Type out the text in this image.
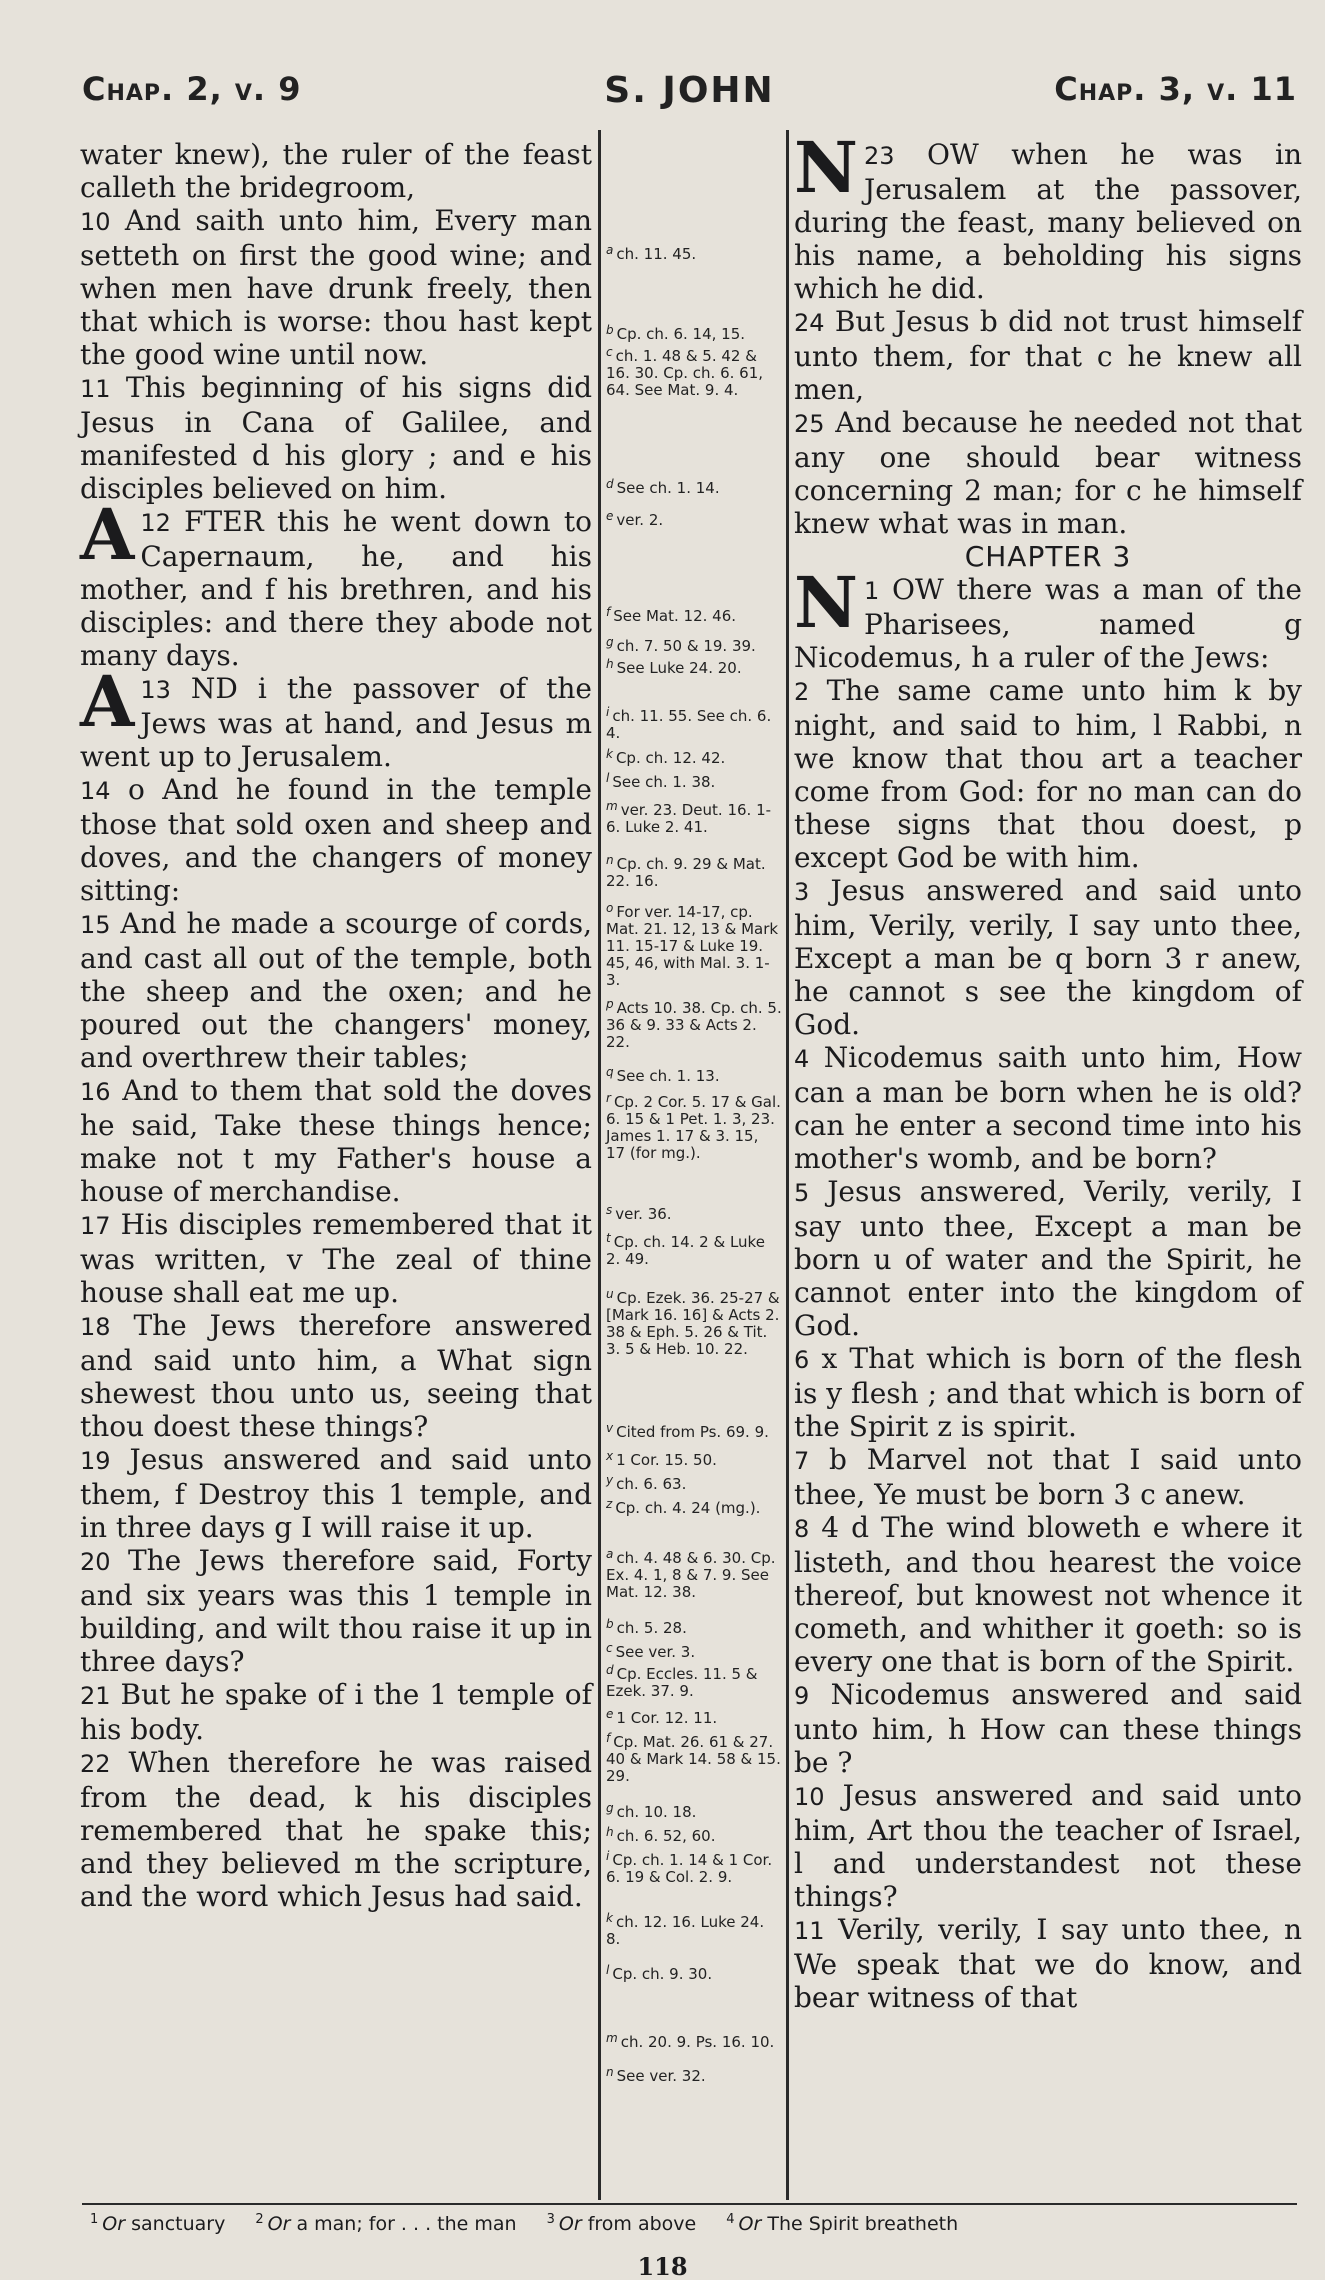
Chap. 2, v. 9	S. JOHN	Chap. 3, v. 11

water knew), the ruler of the feast calleth the bridegroom,

10 And saith unto him, Every man setteth on first the good wine; and when men have drunk freely, then that which is worse: thou hast kept the good wine until now.

11 This beginning of his signs did Jesus in Cana of Galilee, and manifested d his glory ; and e his disciples believed on him.

12
A FTER this he went down to Capernaum, he, and his mother, and f his brethren, and his disciples: and there they abode not many days.

13
A ND i the passover of the Jews was at hand, and Jesus m went up to Jerusalem.

14 o And he found in the temple those that sold oxen and sheep and doves, and the changers of money sitting:

15 And he made a scourge of cords, and cast all out of the temple, both the sheep and the oxen; and he poured out the changers' money, and overthrew their tables;

16 And to them that sold the doves he said, Take these things hence; make not t my Father's house a house of merchandise.

17 His disciples remembered that it was written, v The zeal of thine house shall eat me up.

18 The Jews therefore answered and said unto him, a What sign shewest thou unto us, seeing that thou doest these things?

19 Jesus answered and said unto them, f Destroy this 1 temple, and in three days g I will raise it up.

20 The Jews therefore said, Forty and six years was this 1 temple in building, and wilt thou raise it up in three days?

21 But he spake of i the 1 temple of his body.

22 When therefore he was raised from the dead, k his disciples remembered that he spake this; and they believed m the scripture, and the word which Jesus had said.

$^a$ ch. 11. 45.
$^b$ Cp. ch. 6. 14, 15.
$^c$ ch. 1. 48 & 5. 42 & 16. 30. Cp. ch. 6. 61, 64. See Mat. 9. 4.
$^d$ See ch. 1. 14.
$^e$ ver. 2.
$^f$ See Mat. 12. 46.
$^g$ ch. 7. 50 & 19. 39.
$^h$ See Luke 24. 20.
$^i$ ch. 11. 55. See ch. 6. 4.
$^k$ Cp. ch. 12. 42.
$^l$ See ch. 1. 38.
$^m$ ver. 23. Deut. 16. 1-6. Luke 2. 41.
$^n$ Cp. ch. 9. 29 & Mat. 22. 16.
$^o$ For ver. 14-17, cp. Mat. 21. 12, 13 & Mark 11. 15-17 & Luke 19. 45, 46, with Mal. 3. 1-3.
$^p$ Acts 10. 38. Cp. ch. 5. 36 & 9. 33 & Acts 2. 22.
$^q$ See ch. 1. 13.
$^r$ Cp. 2 Cor. 5. 17 & Gal. 6. 15 & 1 Pet. 1. 3, 23. James 1. 17 & 3. 15, 17 (for mg.).
$^s$ ver. 36.
$^t$ Cp. ch. 14. 2 & Luke 2. 49.
$^u$ Cp. Ezek. 36. 25-27 & [Mark 16. 16] & Acts 2. 38 & Eph. 5. 26 & Tit. 3. 5 & Heb. 10. 22.
$^v$ Cited from Ps. 69. 9.
$^x$ 1 Cor. 15. 50.
$^y$ ch. 6. 63.
$^z$ Cp. ch. 4. 24 (mg.).
$^a$ ch. 4. 48 & 6. 30. Cp. Ex. 4. 1, 8 & 7. 9. See Mat. 12. 38.
$^b$ ch. 5. 28.
$^c$ See ver. 3.
$^d$ Cp. Eccles. 11. 5 & Ezek. 37. 9.
$^e$ 1 Cor. 12. 11.
$^f$ Cp. Mat. 26. 61 & 27. 40 & Mark 14. 58 & 15. 29.
$^g$ ch. 10. 18.
$^h$ ch. 6. 52, 60.
$^i$ Cp. ch. 1. 14 & 1 Cor. 6. 19 & Col. 2. 9.
$^k$ ch. 12. 16. Luke 24. 8.
$^l$ Cp. ch. 9. 30.
$^m$ ch. 20. 9. Ps. 16. 10.
$^n$ See ver. 32.

23
N OW when he was in Jerusalem at the passover, during the feast, many believed on his name, a beholding his signs which he did.

24 But Jesus b did not trust himself unto them, for that c he knew all men,

25 And because he needed not that any one should bear witness concerning 2 man; for c he himself knew what was in man.

CHAPTER 3

1
N OW there was a man of the Pharisees, named g Nicodemus, h a ruler of the Jews:

2 The same came unto him k by night, and said to him, l Rabbi, n we know that thou art a teacher come from God: for no man can do these signs that thou doest, p except God be with him.

3 Jesus answered and said unto him, Verily, verily, I say unto thee, Except a man be q born 3 r anew, he cannot s see the kingdom of God.

4 Nicodemus saith unto him, How can a man be born when he is old? can he enter a second time into his mother's womb, and be born?

5 Jesus answered, Verily, verily, I say unto thee, Except a man be born u of water and the Spirit, he cannot enter into the kingdom of God.

6 x That which is born of the flesh is y flesh ; and that which is born of the Spirit z is spirit.

7 b Marvel not that I said unto thee, Ye must be born 3 c anew.

8 4 d The wind bloweth e where it listeth, and thou hearest the voice thereof, but knowest not whence it cometh, and whither it goeth: so is every one that is born of the Spirit.

9 Nicodemus answered and said unto him, h How can these things be ?

10 Jesus answered and said unto him, Art thou the teacher of Israel, l and understandest not these things?

11 Verily, verily, I say unto thee, n We speak that we do know, and bear witness of that

$^1$ Or sanctuary $^2$ Or a man; for . . . the man $^3$ Or from above $^4$ Or The Spirit breatheth
118
